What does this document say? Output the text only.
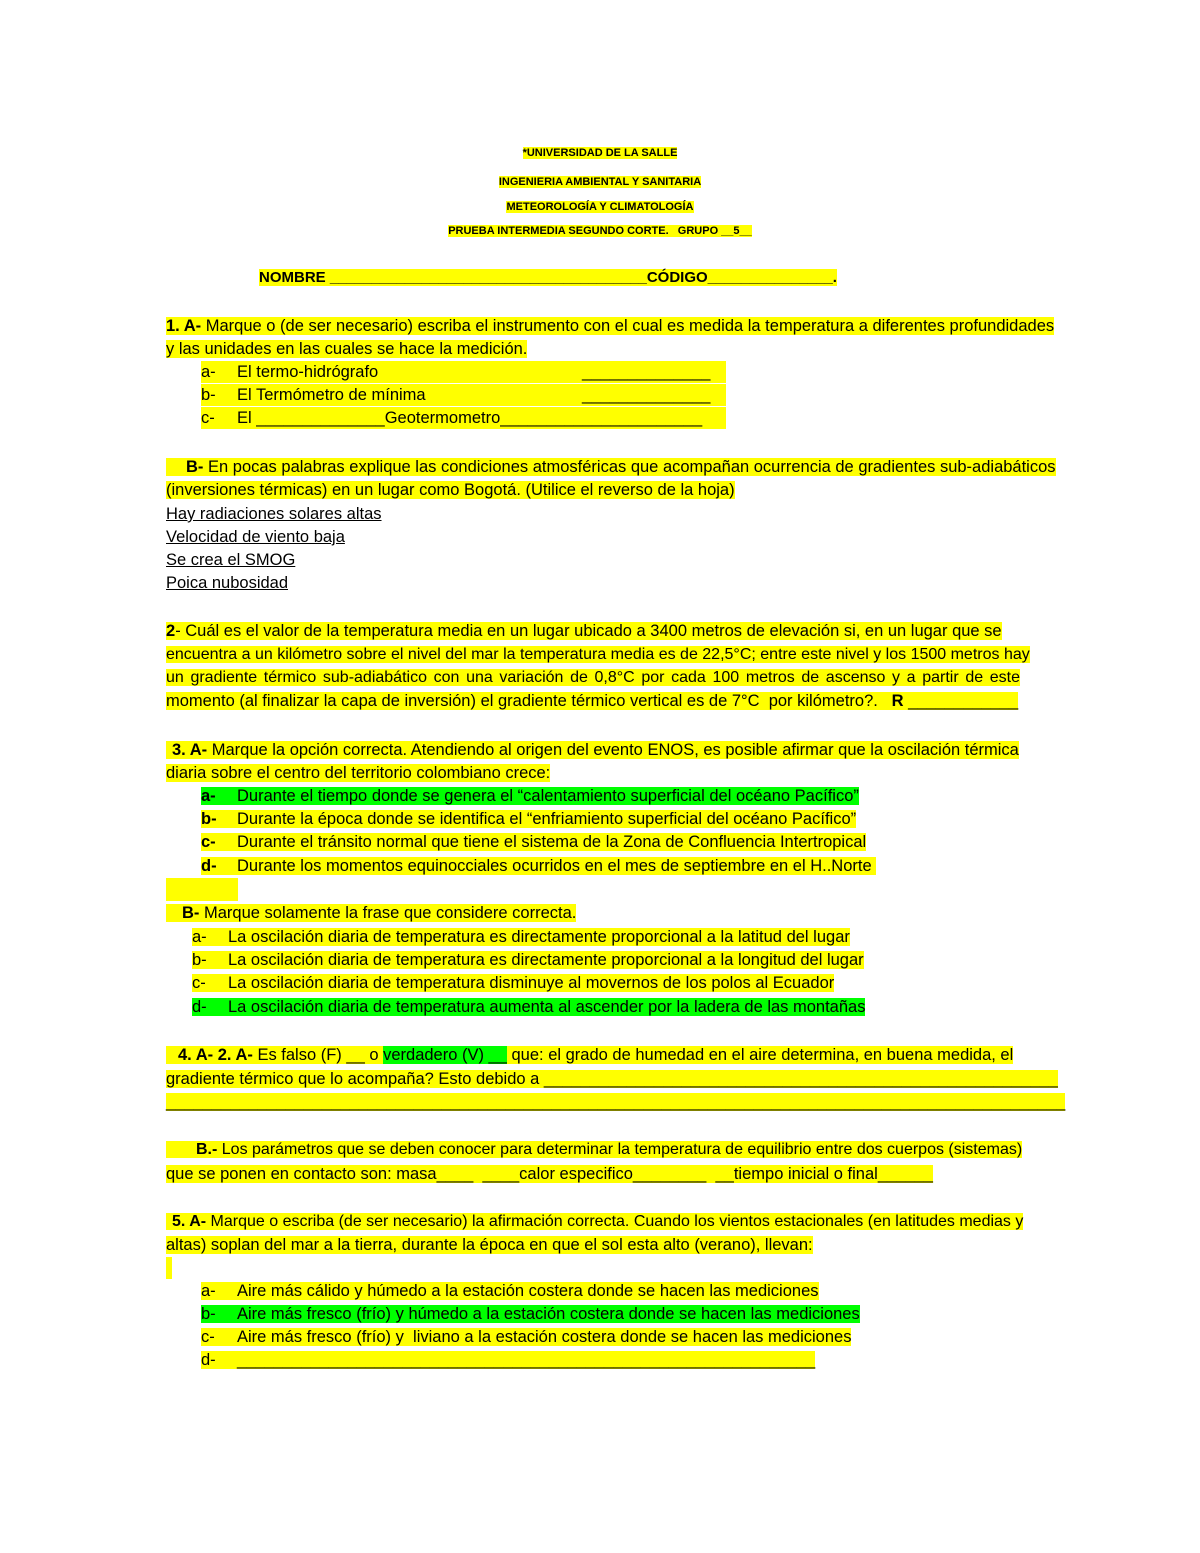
*UNIVERSIDAD DE LA SALLE
INGENIERIA AMBIENTAL Y SANITARIA
METEOROLOGÍA Y CLIMATOLOGÍA
PRUEBA INTERMEDIA SEGUNDO CORTE.   GRUPO __5__
NOMBRE ______________________________________CÓDIGO_______________.
1. A- Marque o (de ser necesario) escriba el instrumento con el cual es medida la temperatura a diferentes profundidades
y las unidades en las cuales se hace la medición.
a- El termo-hidrógrafo	______________
b- El Termómetro de mínima	______________
c- El ______________Geotermometro______________________
B- En pocas palabras explique las condiciones atmosféricas que acompañan ocurrencia de gradientes sub-adiabáticos
(inversiones térmicas) en un lugar como Bogotá. (Utilice el reverso de la hoja)
Hay radiaciones solares altas
Velocidad de viento baja
Se crea el SMOG
Poica nubosidad
2- Cuál es el valor de la temperatura media en un lugar ubicado a 3400 metros de elevación si, en un lugar que se
encuentra a un kilómetro sobre el nivel del mar la temperatura media es de 22,5°C; entre este nivel y los 1500 metros hay
un gradiente térmico sub-adiabático con una variación de 0,8°C por cada 100 metros de ascenso y a partir de este
momento (al finalizar la capa de inversión) el gradiente térmico vertical es de 7°C  por kilómetro?.   R ____________
3. A- Marque la opción correcta. Atendiendo al origen del evento ENOS, es posible afirmar que la oscilación térmica
diaria sobre el centro del territorio colombiano crece:
a- Durante el tiempo donde se genera el “calentamiento superficial del océano Pacífico”
b- Durante la época donde se identifica el “enfriamiento superficial del océano Pacífico”
c- Durante el tránsito normal que tiene el sistema de la Zona de Confluencia Intertropical
d- Durante los momentos equinocciales ocurridos en el mes de septiembre en el H..Norte
B- Marque solamente la frase que considere correcta.
a- La oscilación diaria de temperatura es directamente proporcional a la latitud del lugar
b- La oscilación diaria de temperatura es directamente proporcional a la longitud del lugar
c- La oscilación diaria de temperatura disminuye al movernos de los polos al Ecuador
d- La oscilación diaria de temperatura aumenta al ascender por la ladera de las montañas
4. A- 2. A- Es falso (F) __ o verdadero (V) __ que: el grado de humedad en el aire determina, en buena medida, el
gradiente térmico que lo acompaña? Esto debido a ________________________________________________________
__________________________________________________________________________________________________
B.- Los parámetros que se deben conocer para determinar la temperatura de equilibrio entre dos cuerpos (sistemas)
que se ponen en contacto son: masa____  ____calor especifico________  __tiempo inicial o final______
5. A- Marque o escriba (de ser necesario) la afirmación correcta. Cuando los vientos estacionales (en latitudes medias y
altas) soplan del mar a la tierra, durante la época en que el sol esta alto (verano), llevan:
a- Aire más cálido y húmedo a la estación costera donde se hacen las mediciones
b- Aire más fresco (frío) y húmedo a la estación costera donde se hacen las mediciones
c- Aire más fresco (frío) y  liviano a la estación costera donde se hacen las mediciones
d- _______________________________________________________________
